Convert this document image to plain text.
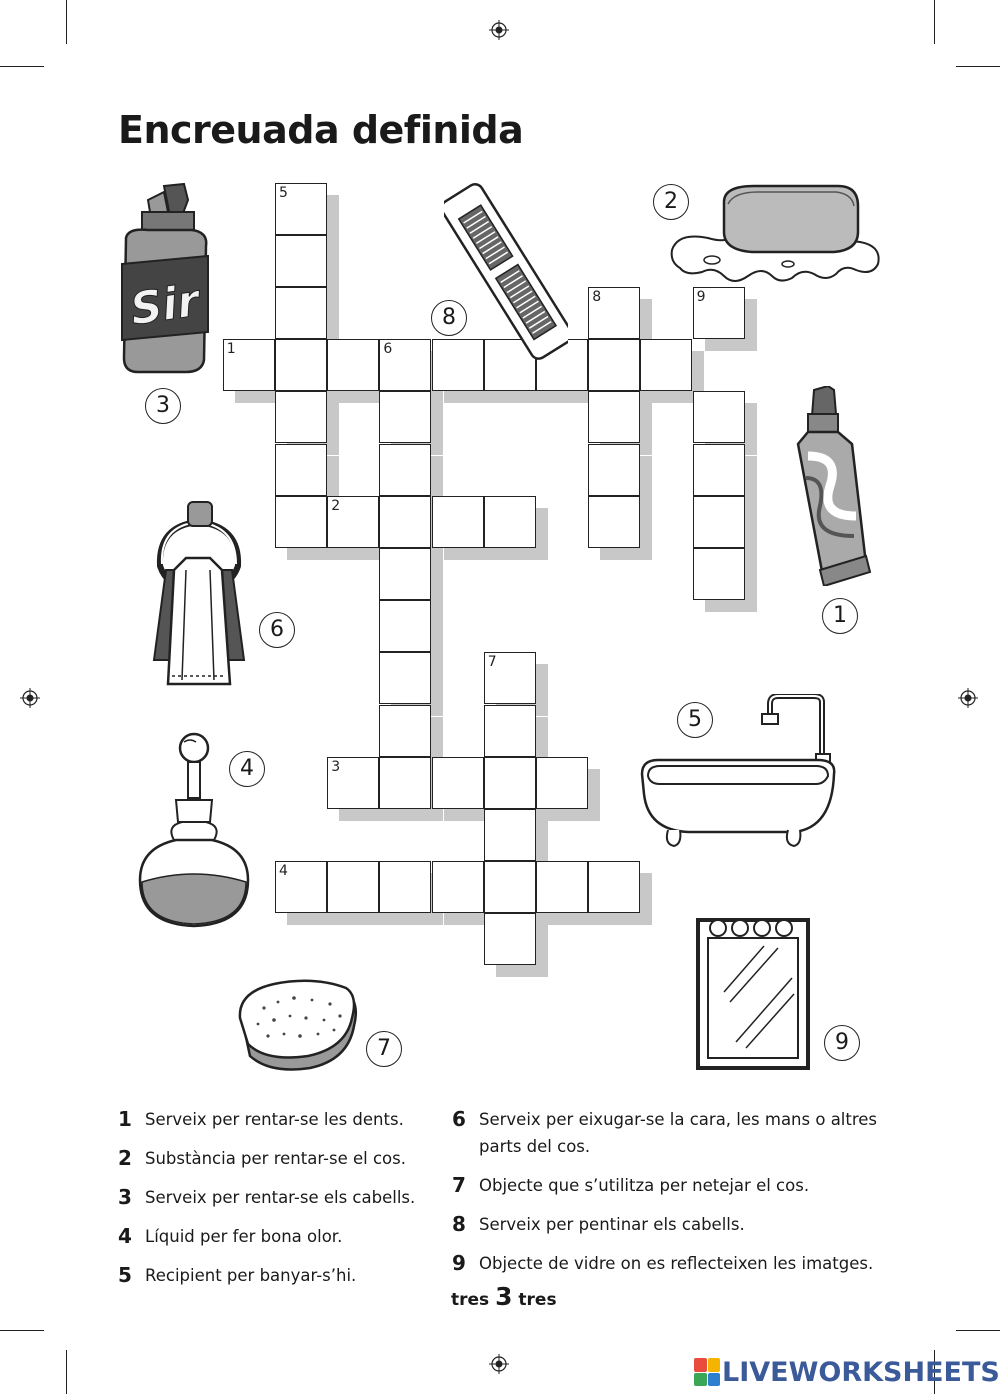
Encreuada definida
5
1	6
2
8	9
7
3
4
Sir
2
8
3
1
6
5
4
7	9
1 Serveix per rentar-se les dents.
2 Substància per rentar-se el cos.
3 Serveix per rentar-se els cabells.
4 Líquid per fer bona olor.
5 Recipient per banyar-s’hi.
6 Serveix per eixugar-se la cara, les mans o altres parts del cos.
7 Objecte que s’utilitza per netejar el cos.
8 Serveix per pentinar els cabells.
9 Objecte de vidre on es reflecteixen les imatges.
tres 3 tres
LIVEWORKSHEETS
